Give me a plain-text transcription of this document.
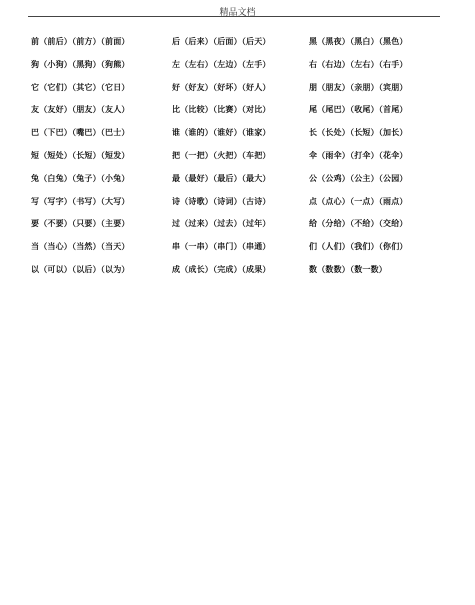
精品文档
前（前后）（前方）（前面）	后（后来）（后面）（后天）	黑（黑夜）（黑白）（黑色）
狗（小狗）（黑狗）（狗熊）	左（左右）（左边）（左手）	右（右边）（左右）（右手）
它（它们）（其它）（它日）	好（好友）（好坏）（好人）	朋（朋友）（亲朋）（宾朋）
友（友好）（朋友）（友人）	比（比较）（比赛）（对比）	尾（尾巴）（收尾）（首尾）
巴（下巴）（嘴巴）（巴士）	谁（谁的）（谁好）（谁家）	长（长处）（长短）（加长）
短（短处）（长短）（短发）	把（一把）（火把）（车把）	伞（雨伞）（打伞）（花伞）
兔（白兔）（兔子）（小兔）	最（最好）（最后）（最大）	公（公鸡）（公主）（公园）
写（写字）（书写）（大写）	诗（诗歌）（诗词）（古诗）	点（点心）（一点）（雨点）
要（不要）（只要）（主要）	过（过来）（过去）（过年）	给（分给）（不给）（交给）
当（当心）（当然）（当天）	串（一串）（串门）（串通）	们（人们）（我们）（你们）
以（可以）（以后）（以为）	成（成长）（完成）（成果）	数（数数）（数一数）
